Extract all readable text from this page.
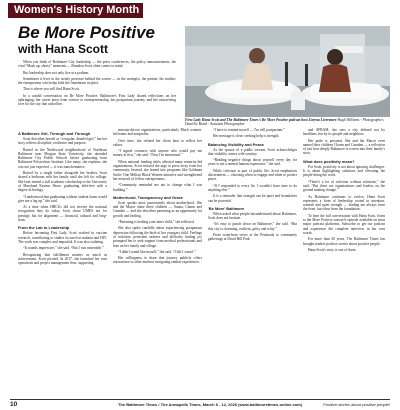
Women's History Month
Be More Positive
with Hana Scott

When you think of Baltimore City leadership — the press conferences, the policy announcements, the viral “Mask up, shorty” moments — Brandon Scott often comes to mind.

But leadership does not only live at a podium.

Sometimes it lives in the steady presence behind the scenes — in the strategist, the partner, the mother, the entrepreneur who helps hold the foundation in place.

That is where you will find Hana Scott.

In a candid conversation on Be More Positive, Baltimore's First Lady shared reflections on her upbringing, her career pivot from science to entrepreneurship, her postpartum journey, and her unwavering love for the city that raised her.

First Lady Hana Scott and The Baltimore Times's Be More Positive podcast host Zuryna Livermore Hugh Williams - Photographer, Danielle Baird - Assistant Photographer

A Baltimore Girl, Through and Through

Scott describes herself as “a regular, detailed girl,” but her story reflects discipline, resilience and purpose.

Raised in the Northwood neighborhood of Northeast Baltimore near Morgan State University, she attended Baltimore City Public Schools before graduating from Baltimore Polytechnic Institute. Like many, she explains, she was not just expected — it was transformative.

Raised by a single father alongside her brother, Scott shared a bedroom with her family until she left for college. She later earned a full academic scholarship to the University of Maryland Eastern Shore, graduating debt-free with a degree in biology.

“I understood that graduating without student loans would give me a leg up,” she said.

At a time when HBCUs did not receive the national recognition they do today, Scott chose UMES not for prestige, but for alignment — financial, cultural and long-term.

From the Lab to Leadership

Before becoming First Lady, Scott worked in vaccine research, contributing to studies focused on malaria and HIV. The work was complex and impactful. It was also isolating.

“It sounds impressive,” she said. “But I was miserable.”

Recognizing that fulfillment matters as much as achievement, Scott pivoted. In 2017, she launched her own operations and project management firm, supporting

mission-driven organizations, particularly Black women-led teams and nonprofits.

Over time, she refined her client base to reflect her values.

“I signed contracts with anyone who would pay me money at first,” she said. “Now I'm intentional.”

When national funding shifts affected many minority-led organizations, Scott resisted the urge to pivot away from her community. Instead, she leaned into programs like Goldman Sachs' One Million Black Women initiative and strengthened her network of fellow entrepreneurs.

“Community reminded me not to change what I was building.”

Motherhood, Transparency and Grace

Scott speaks most passionately about motherhood. She and the Mayor share three children — Saona, Charm and Camden — and she describes parenting as an opportunity for growth and healing.

“Parenting is healing your inner child,” she reflected.

She also spoke candidly about experiencing postpartum depression following the birth of her youngest child. Feelings of isolation, persistent sadness and difficulty finding joy prompted her to seek support from medical professionals and lean on her family and village.

“I didn't sound like myself,” she said. “I felt I wasn't.”

Her willingness to share that journey publicly offers reassurance to other mothers navigating similar experiences.

“I have to remind myself — I'm still postpartum.”

Her message is clear: seeking help is strength.

Balancing Visibility and Peace

As the spouse of a public servant, Scott acknowledges that visibility comes with scrutiny.

“Reading negative things about yourself every day for years is not a normal human experience,” she said.

While criticism is part of public life, Scott emphasizes discernment — choosing when to engage and when to protect peace.

“If I responded to every lie, I wouldn't have time to do anything else.”

It is a reminder that strength can be quiet and boundaries can be powerful.

'Be More' Baltimore

When asked what people misunderstand about Baltimore, Scott does not hesitate.

“It's easy to punch down on Baltimore,” she said. “But this city is charming, resilient, gritty and witty.”

From waterfront views at the Peninsula to community gatherings at Druid Hill Park

and AFRAM, she sees a city defined not by headlines, but by its people and neighbors.

Her pride is personal. She and the Mayor even named their children Charm and Camden — a reflection of just how deeply Baltimore is woven into their family's story.

What does positivity mean?

For Scott, positivity is not about ignoring challenges. It is about highlighting solutions and elevating the people doing the work.

“There's a lot of criticism without solutions,” she said. “But there are organizations and leaders on the ground making change.”

As Baltimore continues to evolve, Hana Scott represents a form of leadership rooted in intention, warmth and quiet strength — leading not always from the front, but often from the foundation.

To hear the full conversation with Hana Scott, listen to the More Positive season 6 episode available on most major podcast platforms. Subscribe to get our podcast and experience the complete interview in her own words.

For more than 40 years, The Baltimore Times has brought readers positive stories about positive people.

Hana Scott's story is one of them.

10	The Baltimore Times / The Annapolis Times, March 6 - 12, 2026 (www.baltimoretimes-online.com)	Positive stories about positive people!
